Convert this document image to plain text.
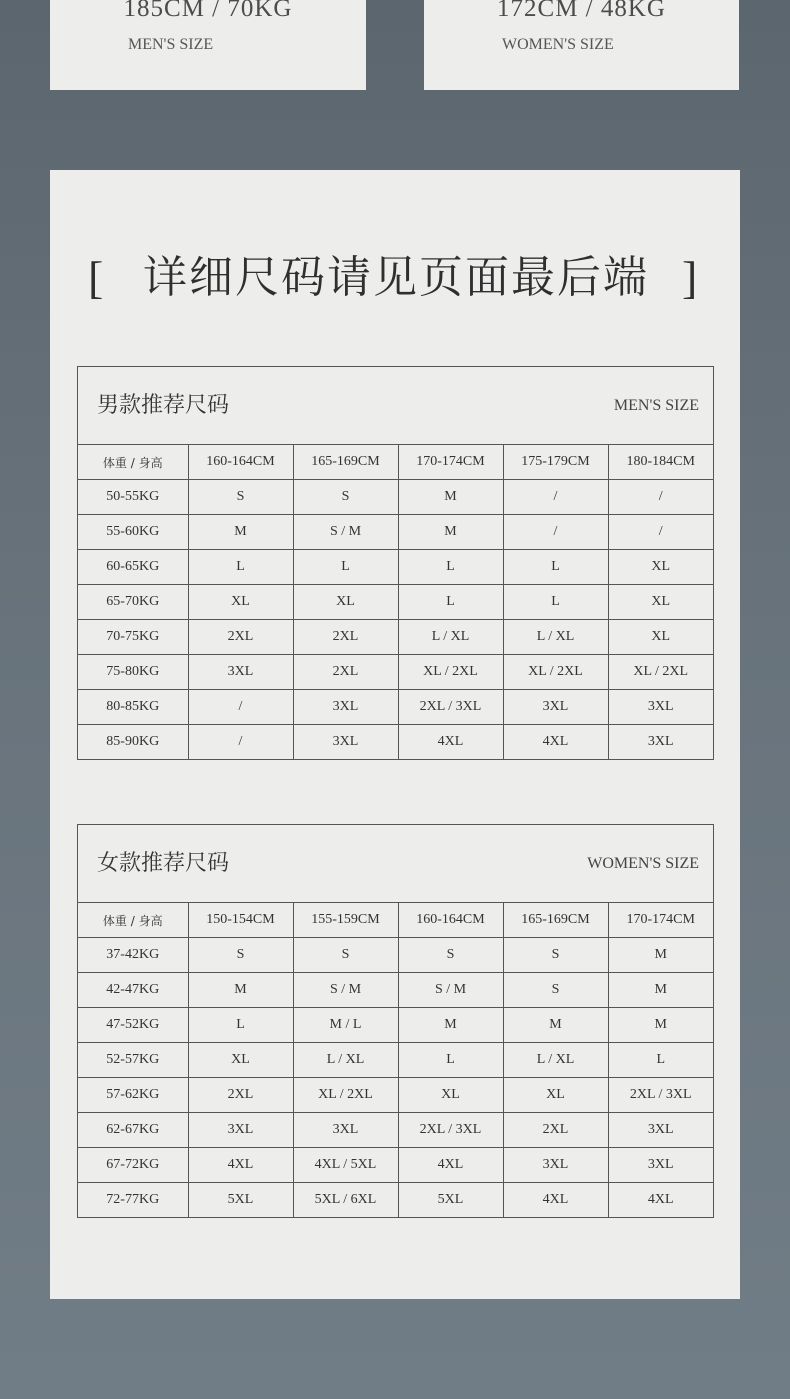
185CM / 70KG
MEN'S SIZE
172CM / 48KG
WOMEN'S SIZE
[ 详细尺码请见页面最后端 ]
男款推荐尺码	MEN'S SIZE
体重 / 身高	160-164CM	165-169CM	170-174CM	175-179CM	180-184CM
50-55KG	S	S	M	/	/
55-60KG	M	S / M	M	/	/
60-65KG	L	L	L	L	XL
65-70KG	XL	XL	L	L	XL
70-75KG	2XL	2XL	L / XL	L / XL	XL
75-80KG	3XL	2XL	XL / 2XL	XL / 2XL	XL / 2XL
80-85KG	/	3XL	2XL / 3XL	3XL	3XL
85-90KG	/	3XL	4XL	4XL	3XL
女款推荐尺码	WOMEN'S SIZE
体重 / 身高	150-154CM	155-159CM	160-164CM	165-169CM	170-174CM
37-42KG	S	S	S	S	M
42-47KG	M	S / M	S / M	S	M
47-52KG	L	M / L	M	M	M
52-57KG	XL	L / XL	L	L / XL	L
57-62KG	2XL	XL / 2XL	XL	XL	2XL / 3XL
62-67KG	3XL	3XL	2XL / 3XL	2XL	3XL
67-72KG	4XL	4XL / 5XL	4XL	3XL	3XL
72-77KG	5XL	5XL / 6XL	5XL	4XL	4XL
